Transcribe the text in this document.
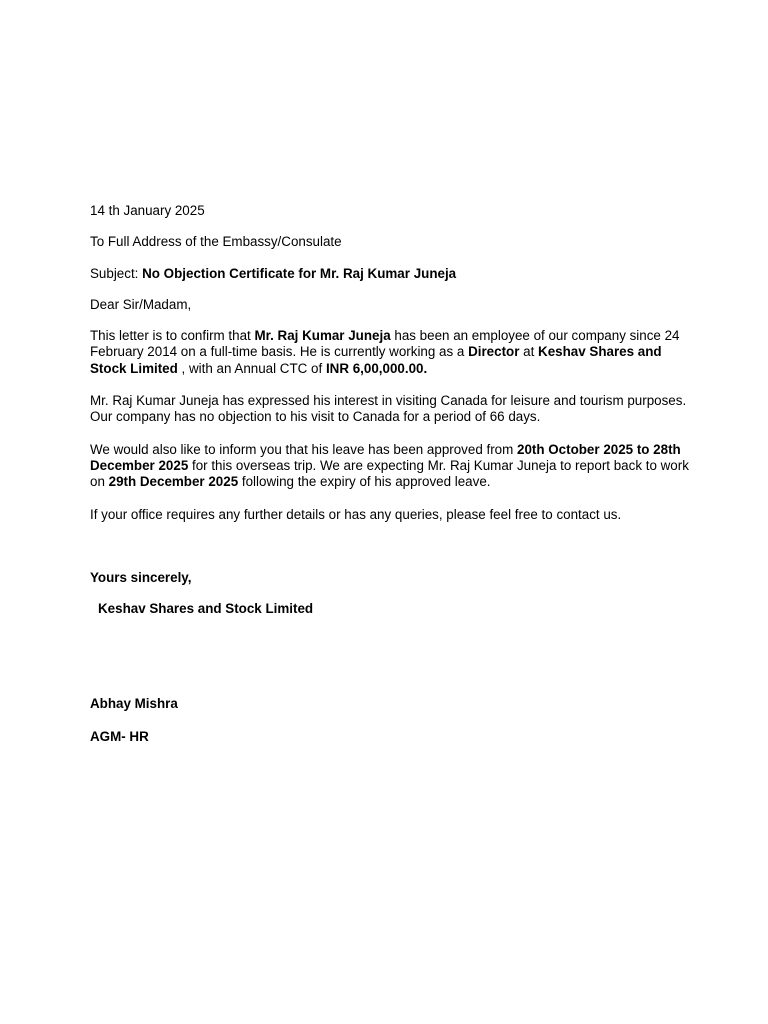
14 th January 2025

To Full Address of the Embassy/Consulate

Subject: No Objection Certificate for Mr. Raj Kumar Juneja

Dear Sir/Madam,

This letter is to confirm that Mr. Raj Kumar Juneja has been an employee of our company since 24 February 2014 on a full-time basis. He is currently working as a Director at Keshav Shares and Stock Limited , with an Annual CTC of INR 6,00,000.00.

Mr. Raj Kumar Juneja has expressed his interest in visiting Canada for leisure and tourism purposes. Our company has no objection to his visit to Canada for a period of 66 days.

We would also like to inform you that his leave has been approved from 20th October 2025 to 28th December 2025 for this overseas trip. We are expecting Mr. Raj Kumar Juneja to report back to work on 29th December 2025 following the expiry of his approved leave.

If your office requires any further details or has any queries, please feel free to contact us.

Yours sincerely,

Keshav Shares and Stock Limited

Abhay Mishra

AGM- HR
